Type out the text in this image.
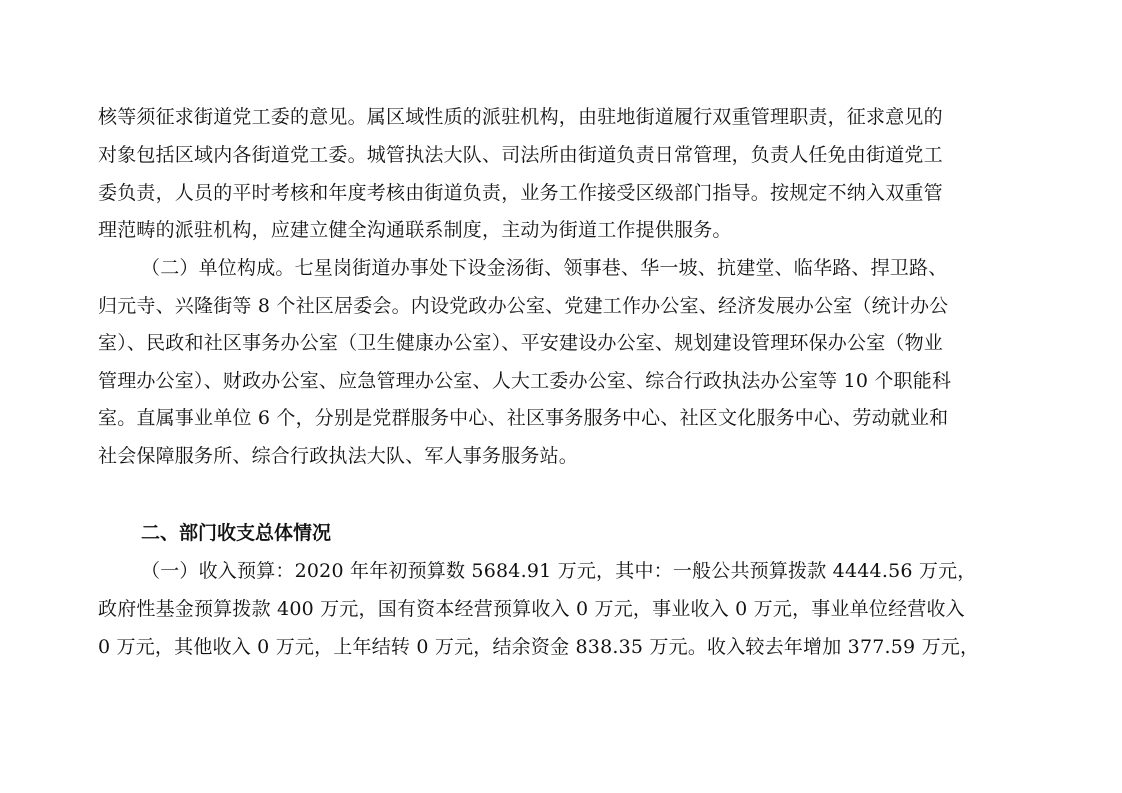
核等须征求街道党工委的意见。属区域性质的派驻机构，由驻地街道履行双重管理职责，征求意见的
对象包括区域内各街道党工委。城管执法大队、司法所由街道负责日常管理，负责人任免由街道党工
委负责，人员的平时考核和年度考核由街道负责，业务工作接受区级部门指导。按规定不纳入双重管
理范畴的派驻机构，应建立健全沟通联系制度，主动为街道工作提供服务。
（二）单位构成。七星岗街道办事处下设金汤街、领事巷、华一坡、抗建堂、临华路、捍卫路、
归元寺、兴隆街等 8 个社区居委会。内设党政办公室、党建工作办公室、经济发展办公室（统计办公
室）、民政和社区事务办公室（卫生健康办公室）、平安建设办公室、规划建设管理环保办公室（物业
管理办公室）、财政办公室、应急管理办公室、人大工委办公室、综合行政执法办公室等 10 个职能科
室。直属事业单位 6 个，分别是党群服务中心、社区事务服务中心、社区文化服务中心、劳动就业和
社会保障服务所、综合行政执法大队、军人事务服务站。
二、部门收支总体情况
（一）收入预算：2020 年年初预算数 5684.91 万元，其中：一般公共预算拨款 4444.56 万元，
政府性基金预算拨款 400 万元，国有资本经营预算收入 0 万元，事业收入 0 万元，事业单位经营收入
0 万元，其他收入 0 万元，上年结转 0 万元，结余资金 838.35 万元。收入较去年增加 377.59 万元，
